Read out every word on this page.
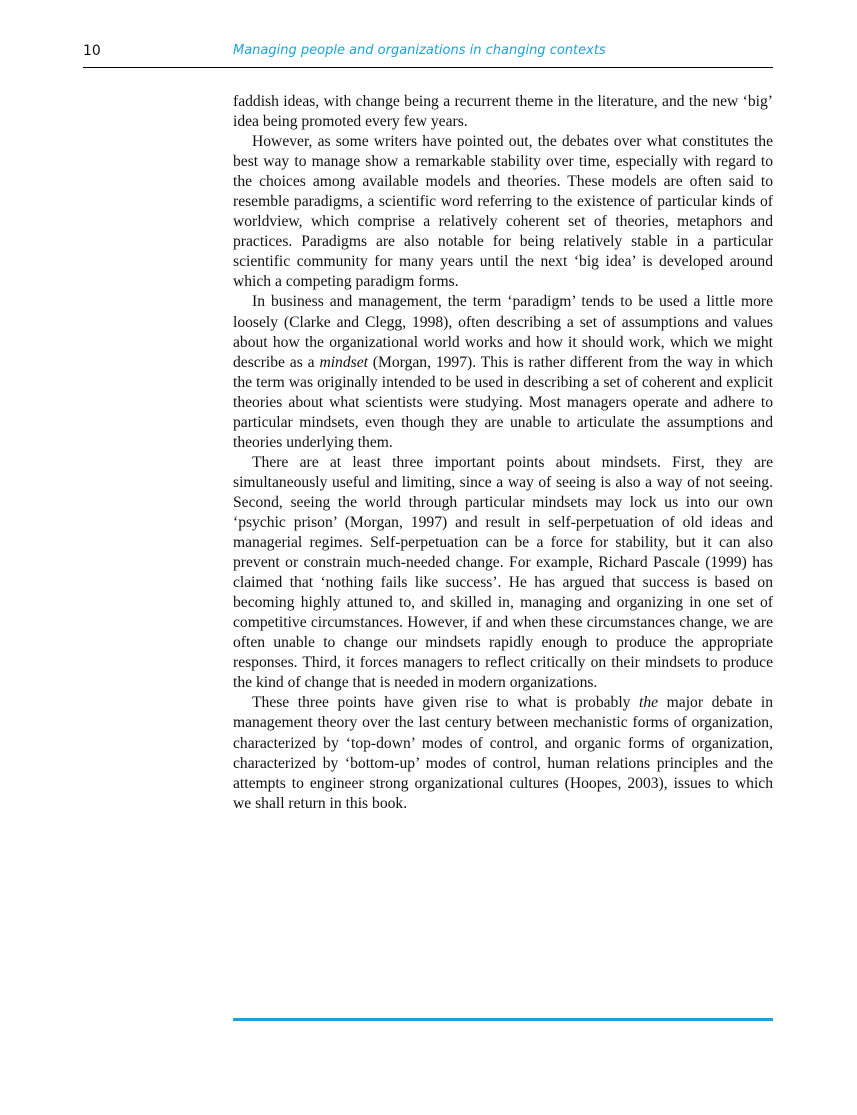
10	Managing people and organizations in changing contexts

faddish ideas, with change being a recurrent theme in the literature, and the new ‘big’ idea being promoted every few years.

However, as some writers have pointed out, the debates over what constitutes the best way to manage show a remarkable stability over time, especially with regard to the choices among available models and theories. These models are often said to resemble paradigms, a scientific word referring to the existence of particular kinds of worldview, which comprise a relatively coherent set of theories, metaphors and practices. Paradigms are also notable for being relatively stable in a particular scientific community for many years until the next ‘big idea’ is developed around which a competing paradigm forms.

In business and management, the term ‘paradigm’ tends to be used a little more loosely (Clarke and Clegg, 1998), often describing a set of assumptions and values about how the organizational world works and how it should work, which we might describe as a mindset (Morgan, 1997). This is rather different from the way in which the term was originally intended to be used in describing a set of coherent and explicit theories about what scientists were studying. Most managers operate and adhere to particular mindsets, even though they are unable to articulate the assumptions and theories underlying them.

There are at least three important points about mindsets. First, they are simultaneously useful and limiting, since a way of seeing is also a way of not seeing. Second, seeing the world through particular mindsets may lock us into our own ‘psychic prison’ (Morgan, 1997) and result in self-perpetuation of old ideas and managerial regimes. Self-perpetuation can be a force for stability, but it can also prevent or constrain much-needed change. For example, Richard Pascale (1999) has claimed that ‘nothing fails like success’. He has argued that success is based on becoming highly attuned to, and skilled in, managing and organizing in one set of competitive circumstances. However, if and when these circumstances change, we are often unable to change our mindsets rapidly enough to produce the appropriate responses. Third, it forces managers to reflect critically on their mindsets to produce the kind of change that is needed in modern organizations.

These three points have given rise to what is probably the major debate in management theory over the last century between mechanistic forms of organization, characterized by ‘top-down’ modes of control, and organic forms of organization, characterized by ‘bottom-up’ modes of control, human relations principles and the attempts to engineer strong organizational cultures (Hoopes, 2003), issues to which we shall return in this book.
